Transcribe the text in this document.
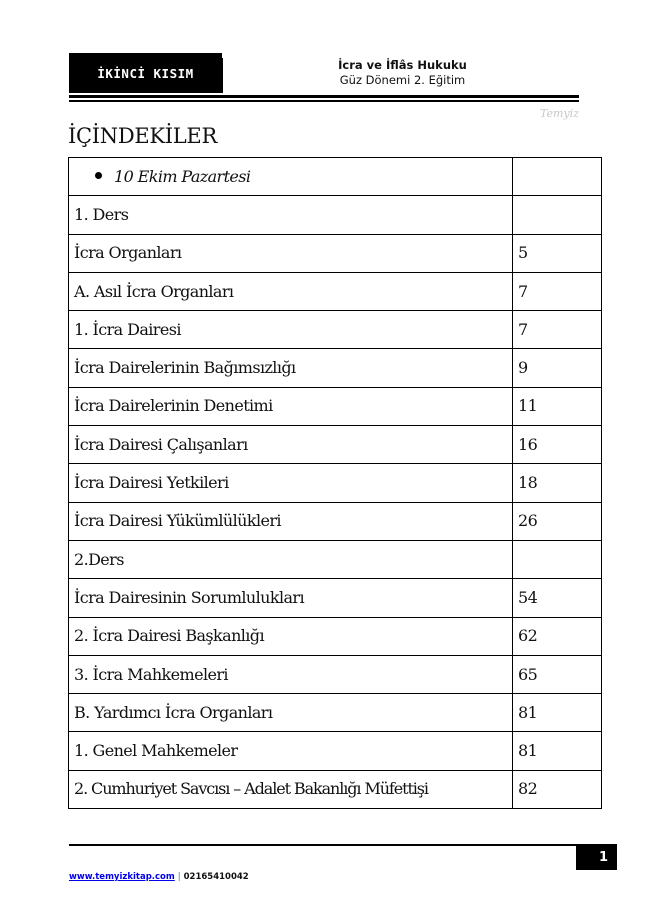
İKİNCİ KISIM
İcra ve İflâs Hukuku
Güz Dönemi 2. Eğitim
Temyiz
İÇİNDEKİLER
10 Ekim Pazartesi	
1. Ders	
İcra Organları	5
A. Asıl İcra Organları	7
1. İcra Dairesi	7
İcra Dairelerinin Bağımsızlığı	9
İcra Dairelerinin Denetimi	11
İcra Dairesi Çalışanları	16
İcra Dairesi Yetkileri	18
İcra Dairesi Yükümlülükleri	26
2.Ders	
İcra Dairesinin Sorumlulukları	54
2. İcra Dairesi Başkanlığı	62
3. İcra Mahkemeleri	65
B. Yardımcı İcra Organları	81
1. Genel Mahkemeler	81
2. Cumhuriyet Savcısı – Adalet Bakanlığı Müfettişi	82
1
www.temyizkitap.com | 02165410042
